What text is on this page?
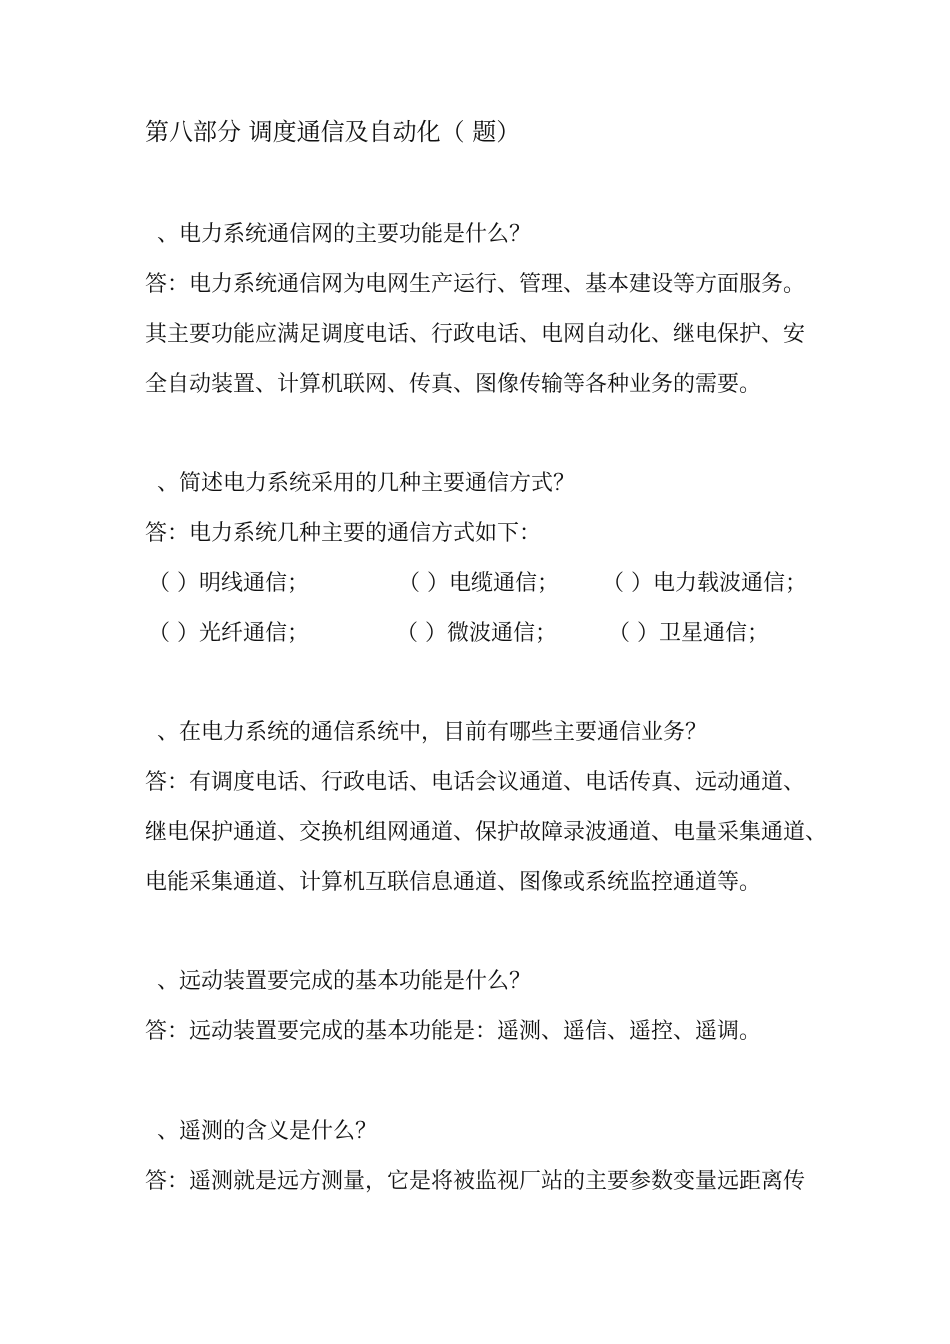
第八部分 调度通信及自动化（ 题）
、电力系统通信网的主要功能是什么？
答：电力系统通信网为电网生产运行、管理、基本建设等方面服务。
其主要功能应满足调度电话、行政电话、电网自动化、继电保护、安
全自动装置、计算机联网、传真、图像传输等各种业务的需要。
、简述电力系统采用的几种主要通信方式？
答：电力系统几种主要的通信方式如下：
（ ）明线通信；	（ ）电缆通信； （ ）电力载波通信；
（ ）光纤通信；	（ ）微波通信； （ ）卫星通信；
、在电力系统的通信系统中，目前有哪些主要通信业务？
答：有调度电话、行政电话、电话会议通道、电话传真、远动通道、
继电保护通道、交换机组网通道、保护故障录波通道、电量采集通道、
电能采集通道、计算机互联信息通道、图像或系统监控通道等。
、远动装置要完成的基本功能是什么？
答：远动装置要完成的基本功能是：遥测、遥信、遥控、遥调。
、遥测的含义是什么？
答：遥测就是远方测量，它是将被监视厂站的主要参数变量远距离传
